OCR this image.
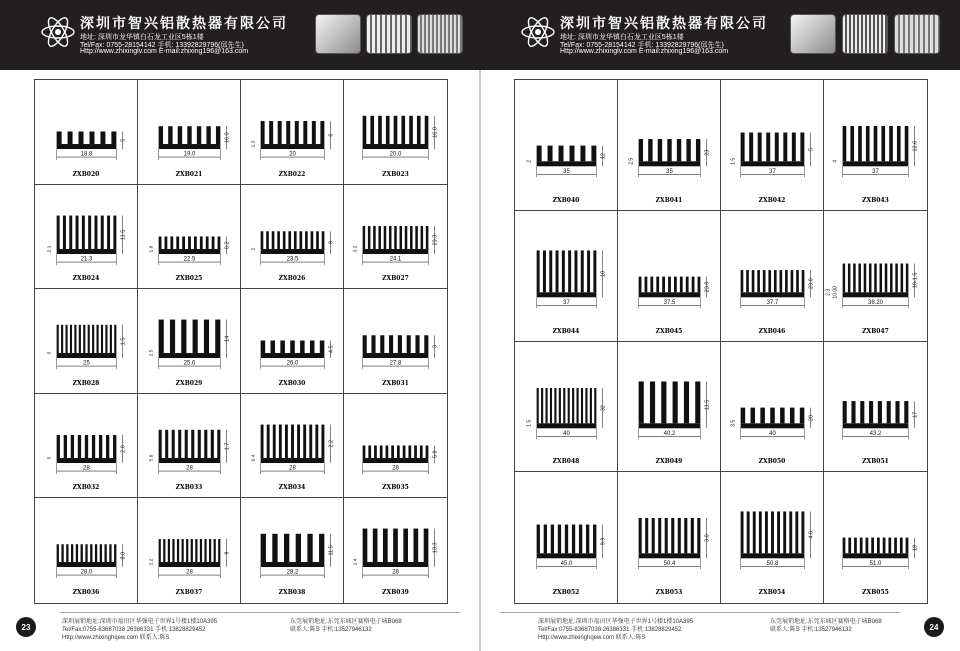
深圳市智兴铝散热器有限公司
地址: 深圳市龙华镇白石龙工业区5栋1楼
Tel/Fax: 0755-28154142 手机: 13392829796(邱先生)
Http://www.zhixinglv.com E-mail:zhixing196@163.com
18.8
5
ZXB020
19.0
16.0
ZXB021
20
6
1.3
ZXB022
20.0
16.0
ZXB023
21.3
11.5
2.1
ZXB024
22.5
6.2
1.8
ZXB025
23.5
9
2
ZXB026
24.1
23.3
3.2
ZXB027
25
1.5
5
ZXB028
25.6
14
2.5
ZXB029
26.0
4.5
ZXB030
27.8
3
ZXB031
28
2.8
5
ZXB032
28
1.7
5.8
ZXB033
28
2.2
6.4
ZXB034
28
5.8
ZXB035
28.0
8.0
ZXB036
28
9
2.2
ZXB037
28.2
11.5
ZXB038
28
13.3
2.4
ZXB039
23
深圳展销地址:深圳市福田区华强电子世界1号楼1楼10A395
Tel/Fax:0755-83687038 26386331 手机:13828829452
Http://www.zhixinghqew.com 联系人:陈S
东莞展销地址:东莞东城区赛格电子城B068
联系人:陈S 手机:13527946132
深圳市智兴铝散热器有限公司
地址: 深圳市龙华镇白石龙工业区5栋1楼
Tel/Fax: 0755-28154142 手机: 13392829796(邱先生)
Http://www.zhixinglv.com E-mail:zhixing196@163.com
35
12
2
ZXB040
35
23
2.5
ZXB041
37
5
1.5
ZXB042
37
12.6
4
ZXB043
37
10
ZXB044
37.5
23.0
ZXB045
37.7
23.0
ZXB046
38.20
10-1.5
10.00
2.3
ZXB047
40
32
1.5
ZXB048
40.2
11.5
ZXB049
40
20
3.5
ZXB050
43.2
17
ZXB051
45.0
9.9
ZXB052
50.4
3.0
ZXB053
50.8
4.6
ZXB054
51.0
19
ZXB055
24
深圳展销地址:深圳市福田区华强电子世界1号楼1楼10A395
Tel/Fax:0755-83687038 26386331 手机:13828829452
Http://www.zhixinghqew.com 联系人:陈S
东莞展销地址:东莞东城区赛格电子城B068
联系人:陈S 手机:13527946132
